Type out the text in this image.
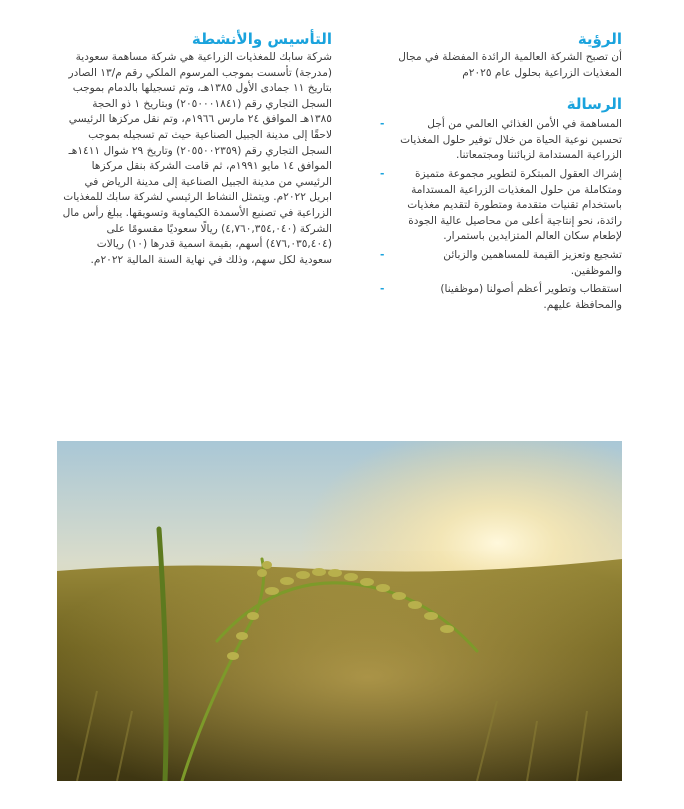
الرؤية

أن تصبح الشركة العالمية الرائدة المفضلة في مجال المغذيات الزراعية بحلول عام ٢٠٢٥م

الرسالة
-	المساهمة في الأمن الغذائي العالمي من أجل تحسين نوعية الحياة من خلال توفير حلول المغذيات الزراعية المستدامة لزبائننا ومجتمعاتنا.
-	إشراك العقول المبتكرة لتطوير مجموعة متميزة ومتكاملة من حلول المغذيات الزراعية المستدامة باستخدام تقنيات متقدمة ومتطورة لتقديم مغذيات رائدة، نحو إنتاجية أعلى من محاصيل عالية الجودة لإطعام سكان العالم المتزايدين باستمرار.
-	تشجيع وتعزيز القيمة للمساهمين والزبائن والموظفين.
-	استقطاب وتطوير أعظم أصولنا (موظفينا) والمحافظة عليهم.
التأسيس والأنشطة

شركة سابك للمغذيات الزراعية هي شركة مساهمة سعودية (مدرجة) تأسست بموجب المرسوم الملكي رقم م/١٣ الصادر بتاريخ ١١ جمادى الأول ١٣٨٥هـ، وتم تسجيلها بالدمام بموجب السجل التجاري رقم (٢٠٥٠٠٠١٨٤١) وبتاريخ ١ ذو الحجة ١٣٨٥هـ الموافق ٢٤ مارس ١٩٦٦م، وتم نقل مركزها الرئيسي لاحقًا إلى مدينة الجبيل الصناعية حيث تم تسجيله بموجب السجل التجاري رقم (٢٠٥٥٠٠٢٣٥٩) وتاريخ ٢٩ شوال ١٤١١هـ الموافق ١٤ مايو ١٩٩١م، ثم قامت الشركة بنقل مركزها الرئيسي من مدينة الجبيل الصناعية إلى مدينة الرياض في ابريل ٢٠٢٢م. ويتمثل النشاط الرئيسي لشركة سابك للمغذيات الزراعية في تصنيع الأسمدة الكيماوية وتسويقها. يبلغ رأس مال الشركة (٤,٧٦٠,٣٥٤,٠٤٠) ريالًا سعوديًا مقسومًا على (٤٧٦,٠٣٥,٤٠٤) أسهم، بقيمة اسمية قدرها (١٠) ريالات سعودية لكل سهم، وذلك في نهاية السنة المالية ٢٠٢٢م.
